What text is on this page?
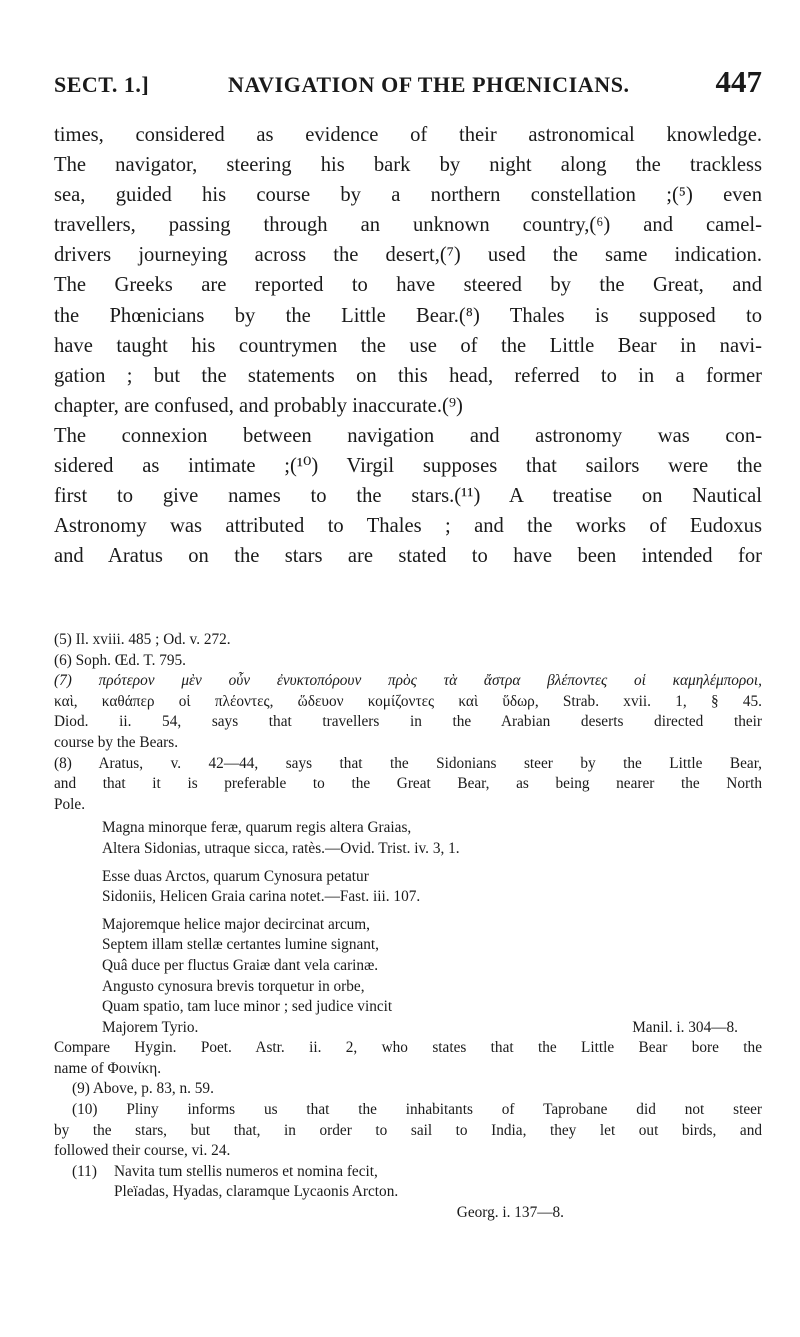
SECT. 1.]	NAVIGATION OF THE PHŒNICIANS.	447
times, considered as evidence of their astronomical knowledge.
The navigator, steering his bark by night along the trackless
sea, guided his course by a northern constellation ;(⁵) even
travellers, passing through an unknown country,(⁶) and camel-
drivers journeying across the desert,(⁷) used the same indication.
The Greeks are reported to have steered by the Great, and
the Phœnicians by the Little Bear.(⁸) Thales is supposed to
have taught his countrymen the use of the Little Bear in navi-
gation ; but the statements on this head, referred to in a former
chapter, are confused, and probably inaccurate.(⁹)
The connexion between navigation and astronomy was con-
sidered as intimate ;(¹⁰) Virgil supposes that sailors were the
first to give names to the stars.(¹¹) A treatise on Nautical
Astronomy was attributed to Thales ; and the works of Eudoxus
and Aratus on the stars are stated to have been intended for
(5) Il. xviii. 485 ; Od. v. 272.
(6) Soph. Œd. T. 795.
(7) πρότερον μὲν οὖν ἐνυκτοπόρουν πρὸς τὰ ἄστρα βλέποντες οἱ καμηλέμποροι,
καὶ, καθάπερ οἱ πλέοντες, ὥδευον κομίζοντες καὶ ὕδωρ, Strab. xvii. 1, § 45.
Diod. ii. 54, says that travellers in the Arabian deserts directed their
course by the Bears.
(8) Aratus, v. 42—44, says that the Sidonians steer by the Little Bear,
and that it is preferable to the Great Bear, as being nearer the North
Pole.
Magna minorque feræ, quarum regis altera Graias,
Altera Sidonias, utraque sicca, ratès.—Ovid. Trist. iv. 3, 1.
Esse duas Arctos, quarum Cynosura petatur
Sidoniis, Helicen Graia carina notet.—Fast. iii. 107.
Majoremque helice major decircinat arcum,
Septem illam stellæ certantes lumine signant,
Quâ duce per fluctus Graiæ dant vela carinæ.
Angusto cynosura brevis torquetur in orbe,
Quam spatio, tam luce minor ; sed judice vincit
Majorem Tyrio.	Manil. i. 304—8.
Compare Hygin. Poet. Astr. ii. 2, who states that the Little Bear bore the
name of Φοινίκη.
(9) Above, p. 83, n. 59.
(10) Pliny informs us that the inhabitants of Taprobane did not steer
by the stars, but that, in order to sail to India, they let out birds, and
followed their course, vi. 24.
(11) Navita tum stellis numeros et nomina fecit,
Pleïadas, Hyadas, claramque Lycaonis Arcton.
Georg. i. 137—8.
